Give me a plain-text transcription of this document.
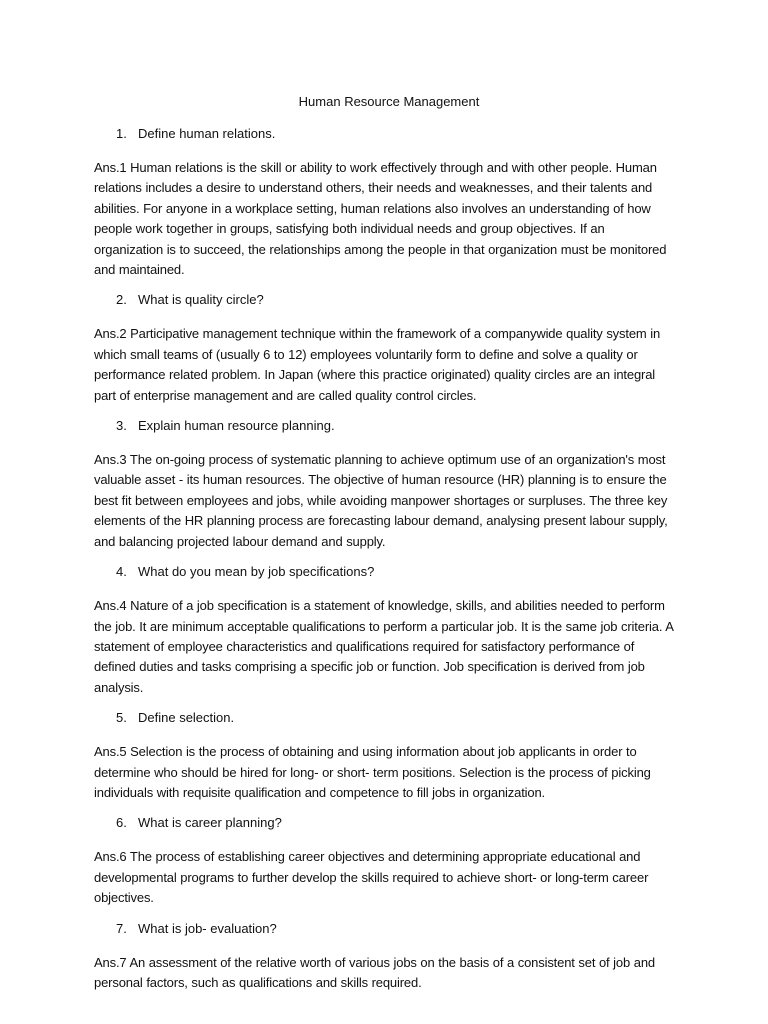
Human Resource Management
1. Define human relations.

Ans.1 Human relations is the skill or ability to work effectively through and with other people. Human relations includes a desire to understand others, their needs and weaknesses, and their talents and abilities. For anyone in a workplace setting, human relations also involves an understanding of how people work together in groups, satisfying both individual needs and group objectives. If an organization is to succeed, the relationships among the people in that organization must be monitored and maintained.

2. What is quality circle?

Ans.2 Participative management technique within the framework of a companywide quality system in which small teams of (usually 6 to 12) employees voluntarily form to define and solve a quality or performance related problem. In Japan (where this practice originated) quality circles are an integral part of enterprise management and are called quality control circles.

3. Explain human resource planning.

Ans.3 The on-going process of systematic planning to achieve optimum use of an organization's most valuable asset - its human resources. The objective of human resource (HR) planning is to ensure the best fit between employees and jobs, while avoiding manpower shortages or surpluses. The three key elements of the HR planning process are forecasting labour demand, analysing present labour supply, and balancing projected labour demand and supply.

4. What do you mean by job specifications?

Ans.4 Nature of a job specification is a statement of knowledge, skills, and abilities needed to perform the job. It are minimum acceptable qualifications to perform a particular job. It is the same job criteria. A statement of employee characteristics and qualifications required for satisfactory performance of defined duties and tasks comprising a specific job or function. Job specification is derived from job analysis.

5. Define selection.

Ans.5 Selection is the process of obtaining and using information about job applicants in order to determine who should be hired for long- or short- term positions. Selection is the process of picking individuals with requisite qualification and competence to fill jobs in organization.

6. What is career planning?

Ans.6 The process of establishing career objectives and determining appropriate educational and developmental programs to further develop the skills required to achieve short- or long-term career objectives.

7. What is job- evaluation?

Ans.7 An assessment of the relative worth of various jobs on the basis of a consistent set of job and personal factors, such as qualifications and skills required.
